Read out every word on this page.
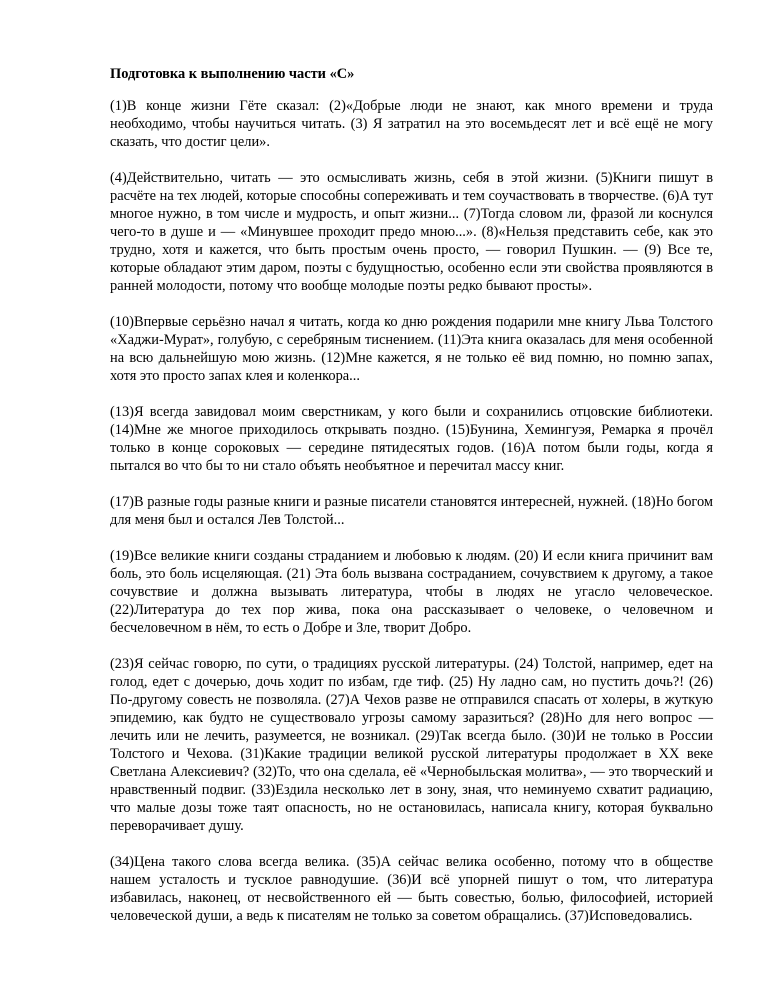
Подготовка к выполнению части «С»
(1)В конце жизни Гёте сказал: (2)«Добрые люди не знают, как много времени и труда необходимо, чтобы научиться читать. (3) Я затратил на это восемьдесят лет и всё ещё не могу сказать, что достиг цели».
(4)Действительно, читать — это осмысливать жизнь, себя в этой жизни. (5)Книги пишут в расчёте на тех людей, которые способны сопереживать и тем соучаствовать в творчестве. (6)А тут многое нужно, в том числе и мудрость, и опыт жизни... (7)Тогда словом ли, фразой ли коснулся чего-то в душе и — «Минувшее проходит предо мною...». (8)«Нельзя представить себе, как это трудно, хотя и кажется, что быть простым очень просто, — говорил Пушкин. — (9) Все те, которые обладают этим даром, поэты с будущностью, особенно если эти свойства проявляются в ранней молодости, потому что вообще молодые поэты редко бывают просты».
(10)Впервые серьёзно начал я читать, когда ко дню рождения подарили мне книгу Льва Толстого «Хаджи-Мурат», голубую, с серебряным тиснением. (11)Эта книга оказалась для меня особенной на всю дальнейшую мою жизнь. (12)Мне кажется, я не только её вид помню, но помню запах, хотя это просто запах клея и коленкора...
(13)Я всегда завидовал моим сверстникам, у кого были и сохранились отцовские библиотеки. (14)Мне же многое приходилось открывать поздно. (15)Бунина, Хемингуэя, Ремарка я прочёл только в конце сороковых — середине пятидесятых годов. (16)А потом были годы, когда я пытался во что бы то ни стало объять необъятное и перечитал массу книг.
(17)В разные годы разные книги и разные писатели становятся интересней, нужней. (18)Но богом для меня был и остался Лев Толстой...
(19)Все великие книги созданы страданием и любовью к людям. (20) И если книга причинит вам боль, это боль исцеляющая. (21) Эта боль вызвана состраданием, сочувствием к другому, а такое сочувствие и должна вызывать литература, чтобы в людях не угасло человеческое. (22)Литература до тех пор жива, пока она рассказывает о человеке, о человечном и бесчеловечном в нём, то есть о Добре и Зле, творит Добро.
(23)Я сейчас говорю, по сути, о традициях русской литературы. (24) Толстой, например, едет на голод, едет с дочерью, дочь ходит по избам, где тиф. (25) Ну ладно сам, но пустить дочь?! (26) По-другому совесть не позволяла. (27)А Чехов разве не отправился спасать от холеры, в жуткую эпидемию, как будто не существовало угрозы самому заразиться? (28)Но для него вопрос — лечить или не лечить, разумеется, не возникал. (29)Так всегда было. (30)И не только в России Толстого и Чехова. (31)Какие традиции великой русской литературы продолжает в XX веке Светлана Алексиевич? (32)То, что она сделала, её «Чернобыльская молитва», — это творческий и нравственный подвиг. (33)Ездила несколько лет в зону, зная, что неминуемо схватит радиацию, что малые дозы тоже таят опасность, но не остановилась, написала книгу, которая буквально переворачивает душу.
(34)Цена такого слова всегда велика. (35)А сейчас велика особенно, потому что в обществе нашем усталость и тусклое равнодушие. (36)И всё упорней пишут о том, что литература избавилась, наконец, от несвойственного ей — быть совестью, болью, философией, историей человеческой души, а ведь к писателям не только за советом обращались. (37)Исповедовались.
